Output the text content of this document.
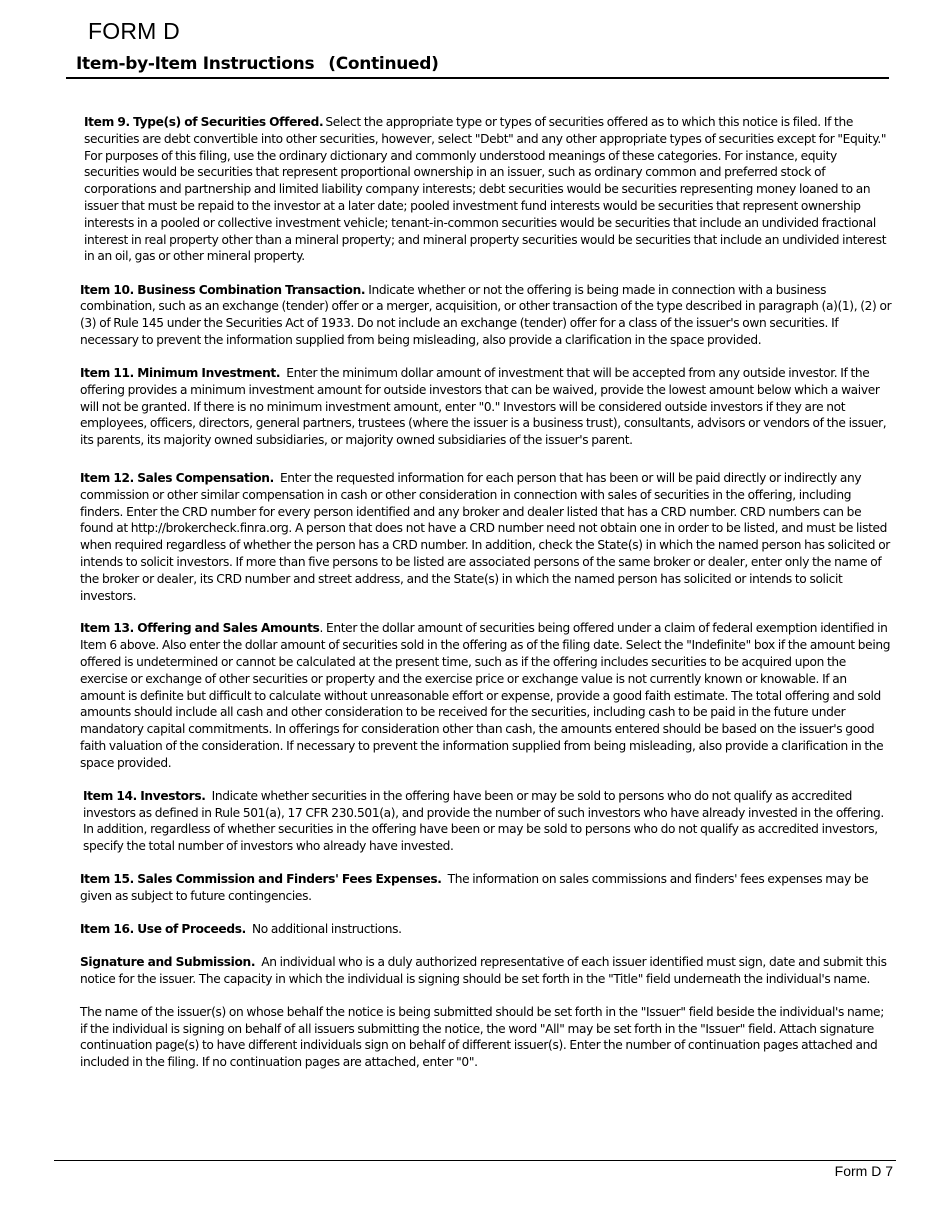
FORM D
Item-by-Item Instructions (Continued)

Item 9. Type(s) of Securities Offered. Select the appropriate type or types of securities offered as to which this notice is filed. If the securities are debt convertible into other securities, however, select "Debt" and any other appropriate types of securities except for "Equity." For purposes of this filing, use the ordinary dictionary and commonly understood meanings of these categories. For instance, equity securities would be securities that represent proportional ownership in an issuer, such as ordinary common and preferred stock of corporations and partnership and limited liability company interests; debt securities would be securities representing money loaned to an issuer that must be repaid to the investor at a later date; pooled investment fund interests would be securities that represent ownership interests in a pooled or collective investment vehicle; tenant-in-common securities would be securities that include an undivided fractional interest in real property other than a mineral property; and mineral property securities would be securities that include an undivided interest in an oil, gas or other mineral property.

Item 10. Business Combination Transaction. Indicate whether or not the offering is being made in connection with a business combination, such as an exchange (tender) offer or a merger, acquisition, or other transaction of the type described in paragraph (a)(1), (2) or (3) of Rule 145 under the Securities Act of 1933. Do not include an exchange (tender) offer for a class of the issuer's own securities. If necessary to prevent the information supplied from being misleading, also provide a clarification in the space provided.

Item 11. Minimum Investment. Enter the minimum dollar amount of investment that will be accepted from any outside investor. If the offering provides a minimum investment amount for outside investors that can be waived, provide the lowest amount below which a waiver will not be granted. If there is no minimum investment amount, enter "0." Investors will be considered outside investors if they are not employees, officers, directors, general partners, trustees (where the issuer is a business trust), consultants, advisors or vendors of the issuer, its parents, its majority owned subsidiaries, or majority owned subsidiaries of the issuer's parent.

Item 12. Sales Compensation. Enter the requested information for each person that has been or will be paid directly or indirectly any commission or other similar compensation in cash or other consideration in connection with sales of securities in the offering, including finders. Enter the CRD number for every person identified and any broker and dealer listed that has a CRD number. CRD numbers can be found at http://brokercheck.finra.org. A person that does not have a CRD number need not obtain one in order to be listed, and must be listed when required regardless of whether the person has a CRD number. In addition, check the State(s) in which the named person has solicited or intends to solicit investors. If more than five persons to be listed are associated persons of the same broker or dealer, enter only the name of the broker or dealer, its CRD number and street address, and the State(s) in which the named person has solicited or intends to solicit investors.

Item 13. Offering and Sales Amounts. Enter the dollar amount of securities being offered under a claim of federal exemption identified in Item 6 above. Also enter the dollar amount of securities sold in the offering as of the filing date. Select the "Indefinite" box if the amount being offered is undetermined or cannot be calculated at the present time, such as if the offering includes securities to be acquired upon the exercise or exchange of other securities or property and the exercise price or exchange value is not currently known or knowable. If an amount is definite but difficult to calculate without unreasonable effort or expense, provide a good faith estimate. The total offering and sold amounts should include all cash and other consideration to be received for the securities, including cash to be paid in the future under mandatory capital commitments. In offerings for consideration other than cash, the amounts entered should be based on the issuer's good faith valuation of the consideration. If necessary to prevent the information supplied from being misleading, also provide a clarification in the space provided.

Item 14. Investors. Indicate whether securities in the offering have been or may be sold to persons who do not qualify as accredited investors as defined in Rule 501(a), 17 CFR 230.501(a), and provide the number of such investors who have already invested in the offering. In addition, regardless of whether securities in the offering have been or may be sold to persons who do not qualify as accredited investors, specify the total number of investors who already have invested.

Item 15. Sales Commission and Finders' Fees Expenses. The information on sales commissions and finders' fees expenses may be given as subject to future contingencies.

Item 16. Use of Proceeds. No additional instructions.

Signature and Submission. An individual who is a duly authorized representative of each issuer identified must sign, date and submit this notice for the issuer. The capacity in which the individual is signing should be set forth in the "Title" field underneath the individual's name.

The name of the issuer(s) on whose behalf the notice is being submitted should be set forth in the "Issuer" field beside the individual's name; if the individual is signing on behalf of all issuers submitting the notice, the word "All" may be set forth in the "Issuer" field. Attach signature continuation page(s) to have different individuals sign on behalf of different issuer(s). Enter the number of continuation pages attached and included in the filing. If no continuation pages are attached, enter "0".

Form D 7
